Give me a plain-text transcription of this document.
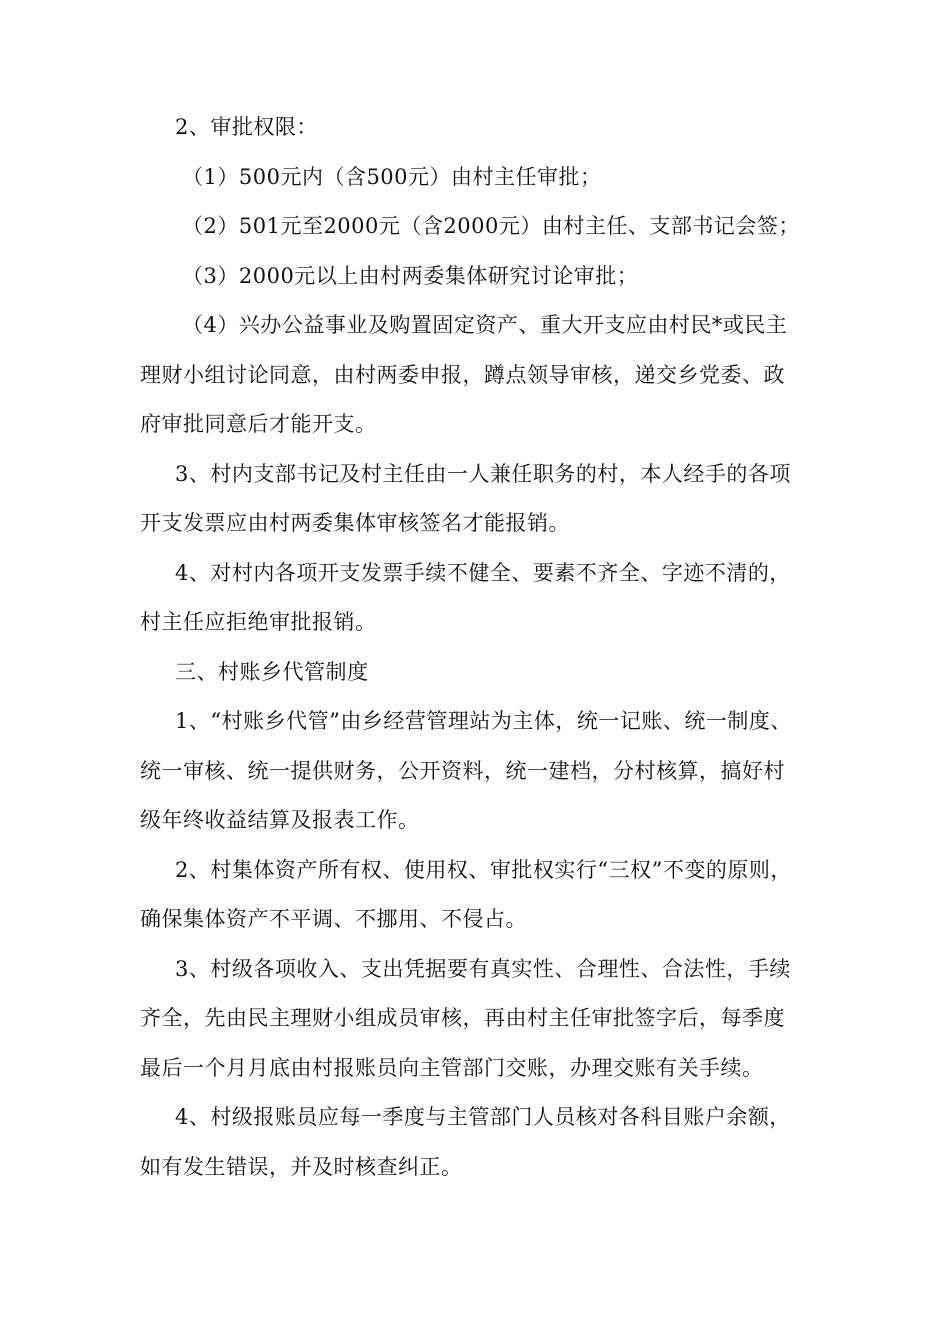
2、审批权限：

（1）500元内（含500元）由村主任审批；

（2）501元至2000元（含2000元）由村主任、支部书记会签；

（3）2000元以上由村两委集体研究讨论审批；

（4）兴办公益事业及购置固定资产、重大开支应由村民*或民主

理财小组讨论同意，由村两委申报，蹲点领导审核，递交乡党委、政

府审批同意后才能开支。

3、村内支部书记及村主任由一人兼任职务的村，本人经手的各项

开支发票应由村两委集体审核签名才能报销。

4、对村内各项开支发票手续不健全、要素不齐全、字迹不清的，

村主任应拒绝审批报销。

三、村账乡代管制度

1、“村账乡代管”由乡经营管理站为主体，统一记账、统一制度、

统一审核、统一提供财务，公开资料，统一建档，分村核算，搞好村

级年终收益结算及报表工作。

2、村集体资产所有权、使用权、审批权实行“三权”不变的原则，

确保集体资产不平调、不挪用、不侵占。

3、村级各项收入、支出凭据要有真实性、合理性、合法性，手续

齐全，先由民主理财小组成员审核，再由村主任审批签字后，每季度

最后一个月月底由村报账员向主管部门交账，办理交账有关手续。

4、村级报账员应每一季度与主管部门人员核对各科目账户余额，

如有发生错误，并及时核查纠正。
